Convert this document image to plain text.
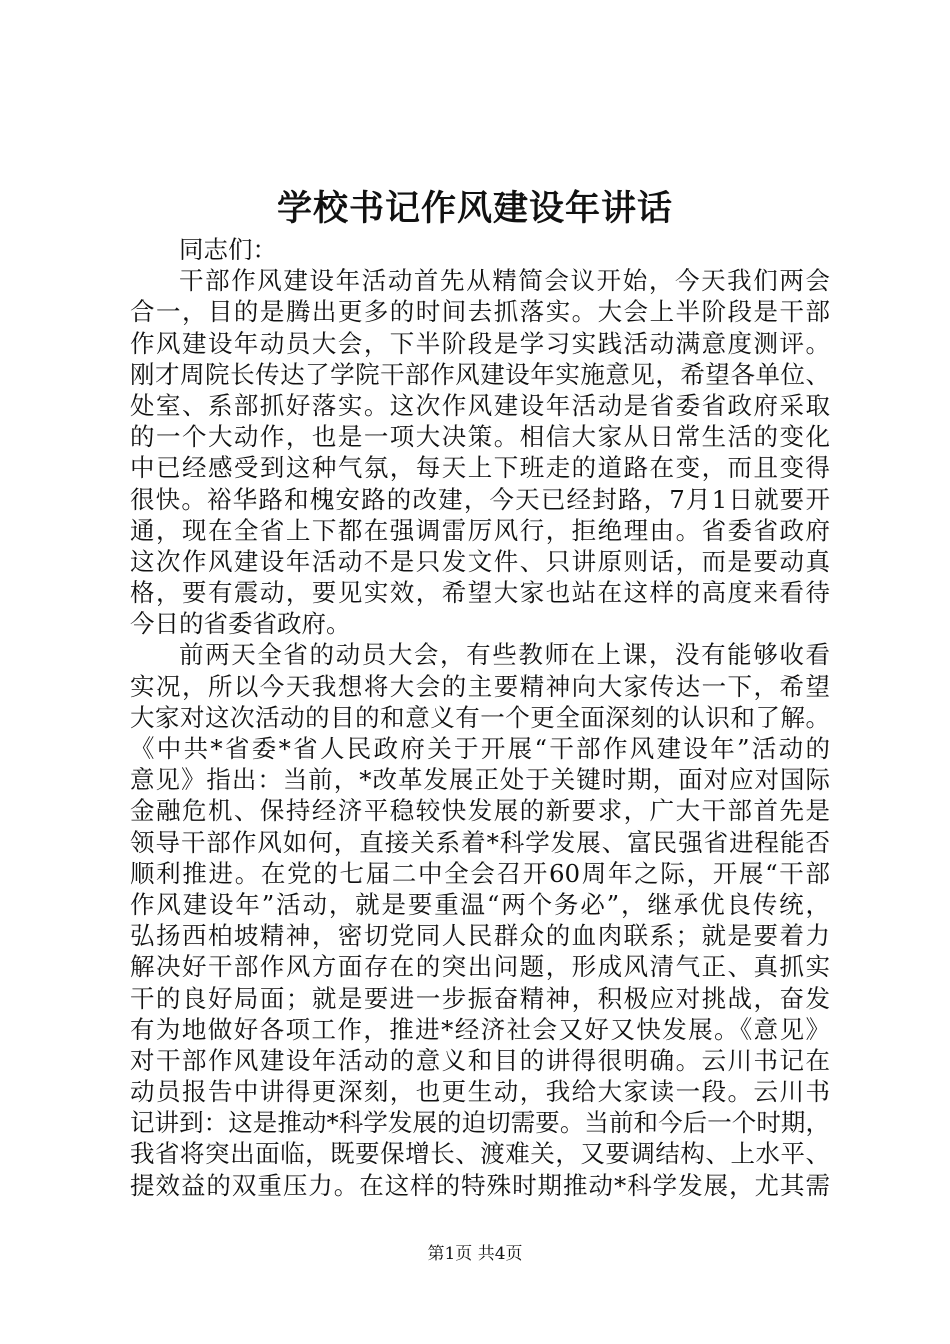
学校书记作风建设年讲话
同志们：
干部作风建设年活动首先从精简会议开始，今天我们两会
合一，目的是腾出更多的时间去抓落实。大会上半阶段是干部
作风建设年动员大会，下半阶段是学习实践活动满意度测评。
刚才周院长传达了学院干部作风建设年实施意见，希望各单位、
处室、系部抓好落实。这次作风建设年活动是省委省政府采取
的一个大动作，也是一项大决策。相信大家从日常生活的变化
中已经感受到这种气氛，每天上下班走的道路在变，而且变得
很快。裕华路和槐安路的改建，今天已经封路，7月1日就要开
通，现在全省上下都在强调雷厉风行，拒绝理由。省委省政府
这次作风建设年活动不是只发文件、只讲原则话，而是要动真
格，要有震动，要见实效，希望大家也站在这样的高度来看待
今日的省委省政府。
前两天全省的动员大会，有些教师在上课，没有能够收看
实况，所以今天我想将大会的主要精神向大家传达一下，希望
大家对这次活动的目的和意义有一个更全面深刻的认识和了解。
《中共*省委*省人民政府关于开展“干部作风建设年”活动的
意见》指出：当前，*改革发展正处于关键时期，面对应对国际
金融危机、保持经济平稳较快发展的新要求，广大干部首先是
领导干部作风如何，直接关系着*科学发展、富民强省进程能否
顺利推进。在党的七届二中全会召开60周年之际，开展“干部
作风建设年”活动，就是要重温“两个务必”，继承优良传统，
弘扬西柏坡精神，密切党同人民群众的血肉联系；就是要着力
解决好干部作风方面存在的突出问题，形成风清气正、真抓实
干的良好局面；就是要进一步振奋精神，积极应对挑战，奋发
有为地做好各项工作，推进*经济社会又好又快发展。《意见》
对干部作风建设年活动的意义和目的讲得很明确。云川书记在
动员报告中讲得更深刻，也更生动，我给大家读一段。云川书
记讲到：这是推动*科学发展的迫切需要。当前和今后一个时期，
我省将突出面临，既要保增长、渡难关，又要调结构、上水平、
提效益的双重压力。在这样的特殊时期推动*科学发展，尤其需
第1页 共4页
